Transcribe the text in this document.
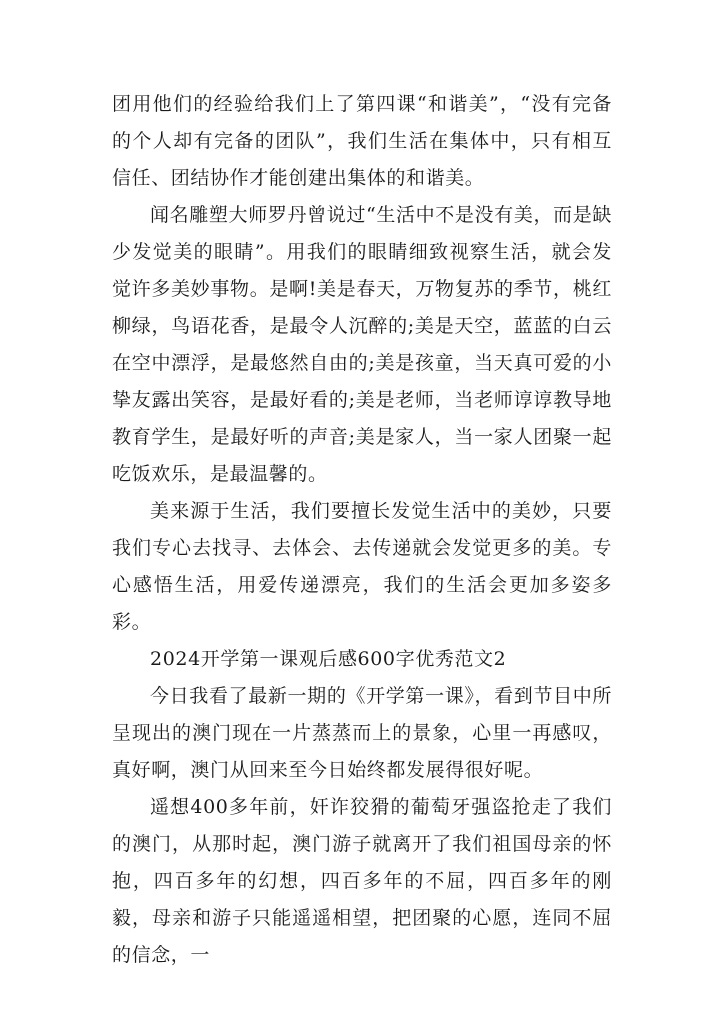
团用他们的经验给我们上了第四课“和谐美”，“没有完备的个人却有完备的团队”，我们生活在集体中，只有相互信任、团结协作才能创建出集体的和谐美。

闻名雕塑大师罗丹曾说过“生活中不是没有美，而是缺少发觉美的眼睛”。用我们的眼睛细致视察生活，就会发觉许多美妙事物。是啊!美是春天，万物复苏的季节，桃红柳绿，鸟语花香，是最令人沉醉的;美是天空，蓝蓝的白云在空中漂浮，是最悠然自由的;美是孩童，当天真可爱的小挚友露出笑容，是最好看的;美是老师，当老师谆谆教导地教育学生，是最好听的声音;美是家人，当一家人团聚一起吃饭欢乐，是最温馨的。

美来源于生活，我们要擅长发觉生活中的美妙，只要我们专心去找寻、去体会、去传递就会发觉更多的美。专心感悟生活，用爱传递漂亮，我们的生活会更加多姿多彩。

2024开学第一课观后感600字优秀范文2

今日我看了最新一期的《开学第一课》，看到节目中所呈现出的澳门现在一片蒸蒸而上的景象，心里一再感叹，真好啊，澳门从回来至今日始终都发展得很好呢。

遥想400多年前，奸诈狡猾的葡萄牙强盗抢走了我们的澳门，从那时起，澳门游子就离开了我们祖国母亲的怀抱，四百多年的幻想，四百多年的不屈，四百多年的刚毅，母亲和游子只能遥遥相望，把团聚的心愿，连同不屈的信念，一
